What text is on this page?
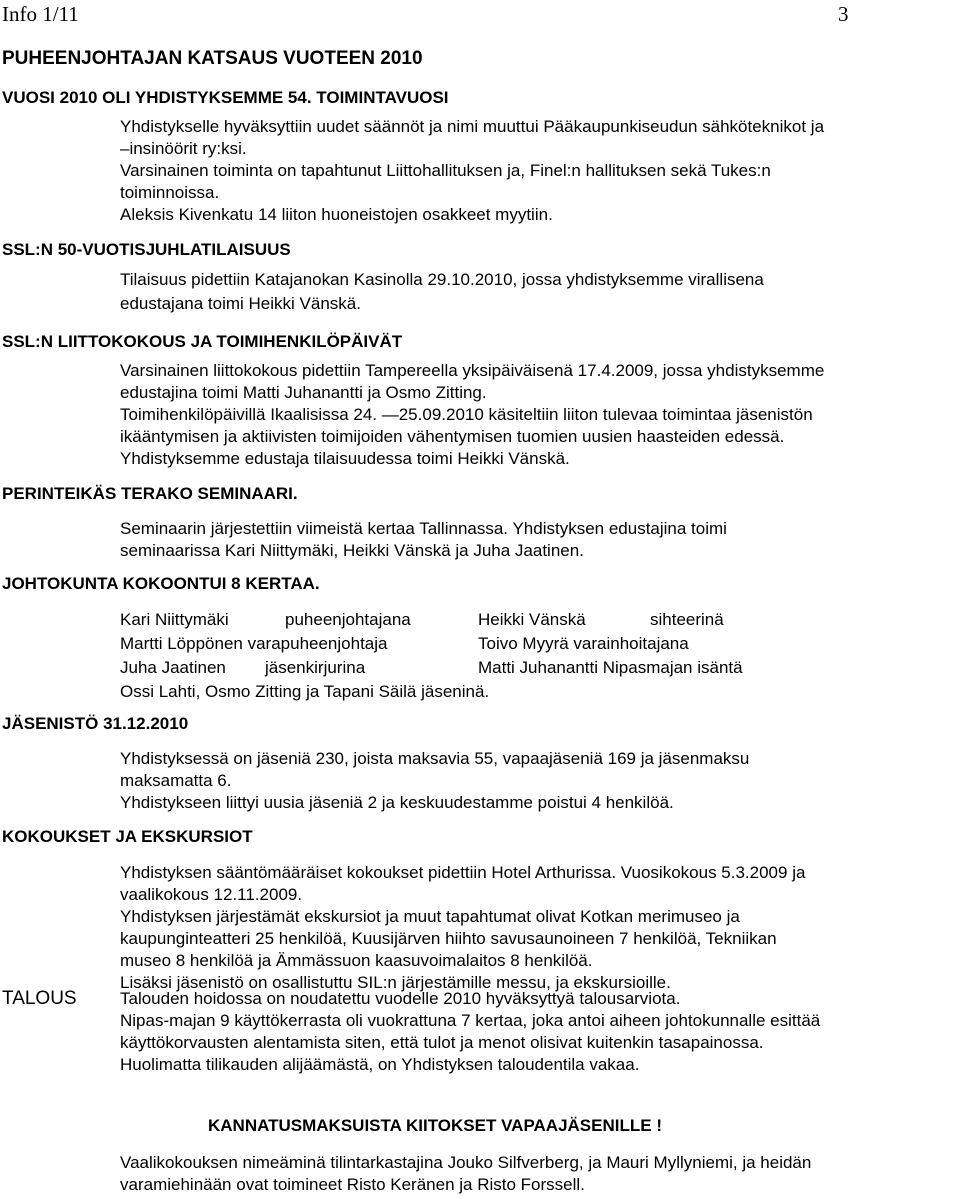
Info 1/11	3
PUHEENJOHTAJAN KATSAUS VUOTEEN 2010
VUOSI 2010 OLI YHDISTYKSEMME 54. TOIMINTAVUOSI
Yhdistykselle hyväksyttiin uudet säännöt ja nimi muuttui Pääkaupunkiseudun sähköteknikot ja
–insinöörit ry:ksi.
Varsinainen toiminta on tapahtunut Liittohallituksen ja, Finel:n hallituksen sekä Tukes:n
toiminnoissa.
Aleksis Kivenkatu 14 liiton huoneistojen osakkeet myytiin.
SSL:N 50-VUOTISJUHLATILAISUUS
Tilaisuus pidettiin Katajanokan Kasinolla 29.10.2010, jossa yhdistyksemme virallisena
edustajana toimi Heikki Vänskä.
SSL:N LIITTOKOKOUS JA TOIMIHENKILÖPÄIVÄT
Varsinainen liittokokous pidettiin Tampereella yksipäiväisenä 17.4.2009, jossa yhdistyksemme
edustajina toimi Matti Juhanantti ja Osmo Zitting.
Toimihenkilöpäivillä Ikaalisissa 24. —25.09.2010 käsiteltiin liiton tulevaa toimintaa jäsenistön
ikääntymisen ja aktiivisten toimijoiden vähentymisen tuomien uusien haasteiden edessä.
Yhdistyksemme edustaja tilaisuudessa toimi Heikki Vänskä.
PERINTEIKÄS TERAKO SEMINAARI.
Seminaarin järjestettiin viimeistä kertaa Tallinnassa. Yhdistyksen edustajina toimi
seminaarissa Kari Niittymäki, Heikki Vänskä ja Juha Jaatinen.
JOHTOKUNTA KOKOONTUI 8 KERTAA.
Kari Niittymäki	puheenjohtajana	Heikki Vänskä	sihteerinä
Martti Löppönen varapuheenjohtaja	Toivo Myyrä varainhoitajana
Juha Jaatinen jäsenkirjurina	Matti Juhanantti Nipasmajan isäntä
Ossi Lahti, Osmo Zitting ja Tapani Säilä jäseninä.
JÄSENISTÖ 31.12.2010
Yhdistyksessä on jäseniä 230, joista maksavia 55, vapaajäseniä 169 ja jäsenmaksu
maksamatta 6.
Yhdistykseen liittyi uusia jäseniä 2 ja keskuudestamme poistui 4 henkilöä.
KOKOUKSET JA EKSKURSIOT
Yhdistyksen sääntömääräiset kokoukset pidettiin Hotel Arthurissa. Vuosikokous 5.3.2009 ja
vaalikokous 12.11.2009.
Yhdistyksen järjestämät ekskursiot ja muut tapahtumat olivat Kotkan merimuseo ja
kaupunginteatteri 25 henkilöä, Kuusijärven hiihto savusaunoineen 7 henkilöä, Tekniikan
museo 8 henkilöä ja Ämmässuon kaasuvoimalaitos 8 henkilöä.
Lisäksi jäsenistö on osallistuttu SIL:n järjestämille messu, ja ekskursioille.
TALOUS	Talouden hoidossa on noudatettu vuodelle 2010 hyväksyttyä talousarviota.
Nipas-majan 9 käyttökerrasta oli vuokrattuna 7 kertaa, joka antoi aiheen johtokunnalle esittää
käyttökorvausten alentamista siten, että tulot ja menot olisivat kuitenkin tasapainossa.
Huolimatta tilikauden alijäämästä, on Yhdistyksen taloudentila vakaa.
KANNATUSMAKSUISTA KIITOKSET VAPAAJÄSENILLE !
Vaalikokouksen nimeäminä tilintarkastajina Jouko Silfverberg, ja Mauri Myllyniemi, ja heidän
varamiehinään ovat toimineet Risto Keränen ja Risto Forssell.
